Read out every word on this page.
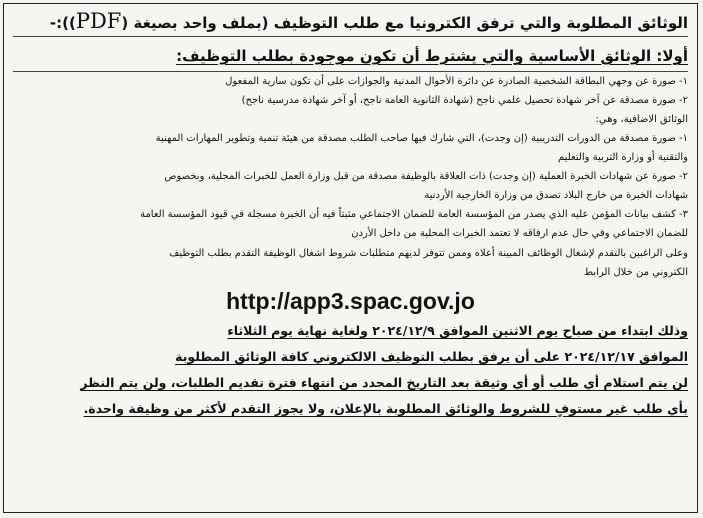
الوثائق المطلوبة والتي ترفق الكترونيا مع طلب التوظيف (بملف واحد بصيغة (PDF)):-
أولا: الوثائق الأساسية والتي يشترط أن تكون موجودة بطلب التوظيف:
١- صورة عن وجهي البطاقة الشخصية الصادرة عن دائرة الأحوال المدنية والجوازات على أن تكون سارية المفعول
٢- صورة مصدقة عن آخر شهادة تحصيل علمي ناجح (شهادة الثانوية العامة ناجح، أو آخر شهادة مدرسية ناجح)
الوثائق الاضافية، وهي:
١- صورة مصدقة من الدورات التدريبية (إن وجدت)، التي شارك فيها صاحب الطلب مصدقة من هيئة تنمية وتطوير المهارات المهنية
والتقنية أو وزارة التربية والتعليم
٢- صورة عن شهادات الخبرة العملية (إن وجدت) ذات العلاقة بالوظيفة مصدقة من قبل وزارة العمل للخبرات المحلية، وبخصوص
شهادات الخبرة من خارج البلاد تصدق من وزارة الخارجية الأردنية
٣- كشف بيانات المؤمن عليه الذي يصدر من المؤسسة العامة للضمان الاجتماعي مثبتاً فيه أن الخبرة مسجلة في قيود المؤسسة العامة
للضمان الاجتماعي وفي حال عدم ارفاقه لا تعتمد الخبرات المحلية من داخل الأردن
وعلى الراغبين بالتقدم لإشغال الوظائف المبينة أعلاه وممن تتوفر لديهم متطلبات شروط اشغال الوظيفة التقدم بطلب التوظيف
الكتروني من خلال الرابط
http://app3.spac.gov.jo
وذلك ابتداء من صباح يوم الاثنين الموافق ٢٠٢٤/١٢/٩ ولغاية نهاية يوم الثلاثاء
الموافق ٢٠٢٤/١٢/١٧ على أن يرفق بطلب التوظيف الالكتروني كافة الوثائق المطلوبة
لن يتم استلام أي طلب أو أي وثيقة بعد التاريخ المحدد من انتهاء فترة تقديم الطلبات، ولن يتم النظر
بأي طلب غير مستوفٍ للشروط والوثائق المطلوبة بالإعلان، ولا يجوز التقدم لأكثر من وظيفة واحدة.
